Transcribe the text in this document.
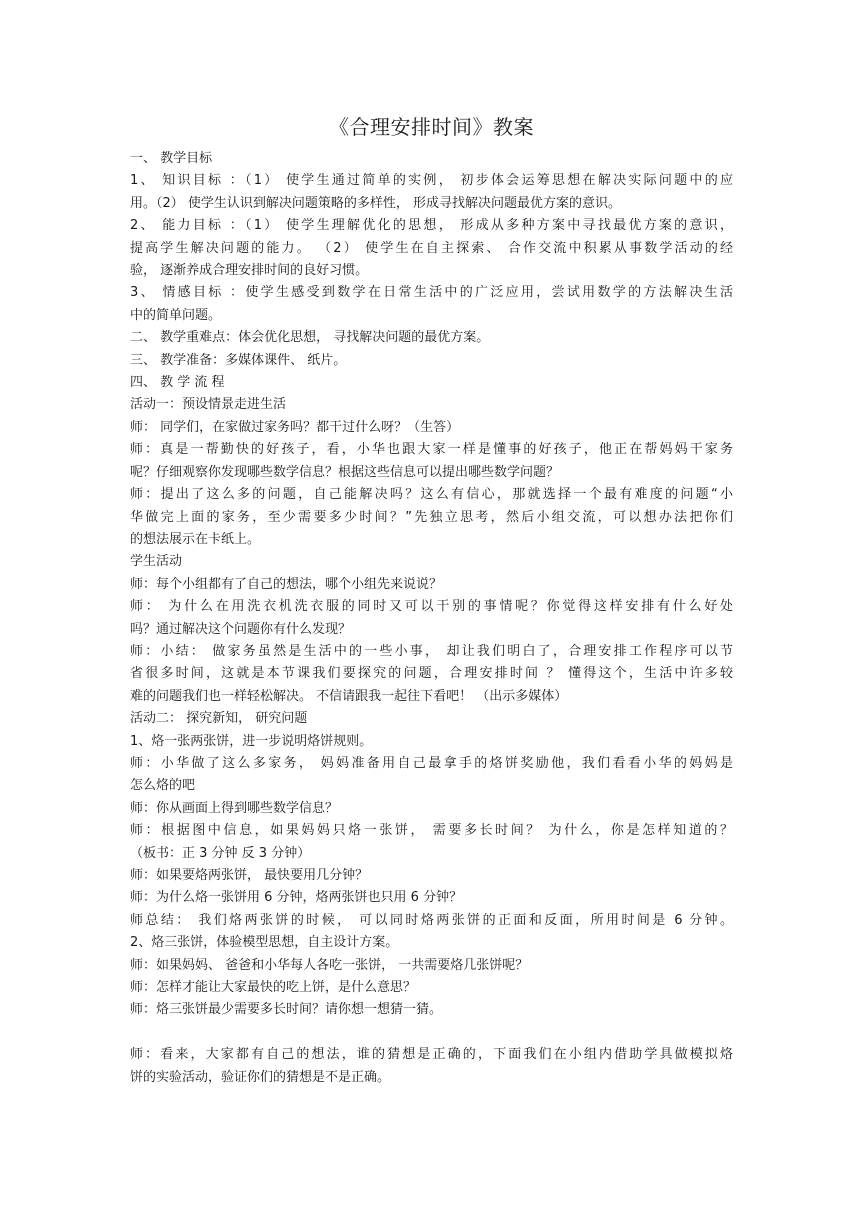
《合理安排时间》教案

一、 教学目标

1、 知识目标 ：（1） 使学生通过简单的实例， 初步体会运筹思想在解决实际问题中的应

用。（2） 使学生认识到解决问题策略的多样性， 形成寻找解决问题最优方案的意识。

2、 能力目标 ：（1） 使学生理解优化的思想， 形成从多种方案中寻找最优方案的意识，

提高学生解决问题的能力。 （2） 使学生在自主探索、 合作交流中积累从事数学活动的经

验， 逐渐养成合理安排时间的良好习惯。

3、 情感目标 ：使学生感受到数学在日常生活中的广泛应用，尝试用数学的方法解决生活

中的简单问题。

二、 教学重难点：体会优化思想， 寻找解决问题的最优方案。

三、 教学准备：多媒体课件、 纸片。

四、 教 学 流 程

活动一：预设情景走进生活

师： 同学们，在家做过家务吗？都干过什么呀？（生答）

师：真是一帮勤快的好孩子，看，小华也跟大家一样是懂事的好孩子，他正在帮妈妈干家务

呢？仔细观察你发现哪些数学信息？根据这些信息可以提出哪些数学问题？

师：提出了这么多的问题，自己能解决吗？这么有信心，那就选择一个最有难度的问题“小

华做完上面的家务，至少需要多少时间？”先独立思考，然后小组交流，可以想办法把你们

的想法展示在卡纸上。

学生活动

师：每个小组都有了自己的想法，哪个小组先来说说？

师： 为什么在用洗衣机洗衣服的同时又可以干别的事情呢？你觉得这样安排有什么好处

吗？通过解决这个问题你有什么发现？

师：小结： 做家务虽然是生活中的一些小事， 却让我们明白了，合理安排工作程序可以节

省很多时间，这就是本节课我们要探究的问题，合理安排时间 ？ 懂得这个，生活中许多较

难的问题我们也一样轻松解决。 不信请跟我一起往下看吧！ （出示多媒体）

活动二： 探究新知， 研究问题

1、烙一张两张饼，进一步说明烙饼规则。

师：小华做了这么多家务， 妈妈准备用自己最拿手的烙饼奖励他，我们看看小华的妈妈是

怎么烙的吧

师：你从画面上得到哪些数学信息？

师：根据图中信息，如果妈妈只烙一张饼， 需要多长时间？ 为什么，你是怎样知道的？

（板书：正 3 分钟 反 3 分钟）

师：如果要烙两张饼， 最快要用几分钟？

师：为什么烙一张饼用 6 分钟，烙两张饼也只用 6 分钟？

师总结： 我们烙两张饼的时候， 可以同时烙两张饼的正面和反面，所用时间是 6 分钟。

2、烙三张饼，体验模型思想，自主设计方案。

师：如果妈妈、 爸爸和小华每人各吃一张饼， 一共需要烙几张饼呢？

师：怎样才能让大家最快的吃上饼，是什么意思？

师：烙三张饼最少需要多长时间？请你想一想猜一猜。

师：看来，大家都有自己的想法，谁的猜想是正确的，下面我们在小组内借助学具做模拟烙

饼的实验活动，验证你们的猜想是不是正确。
